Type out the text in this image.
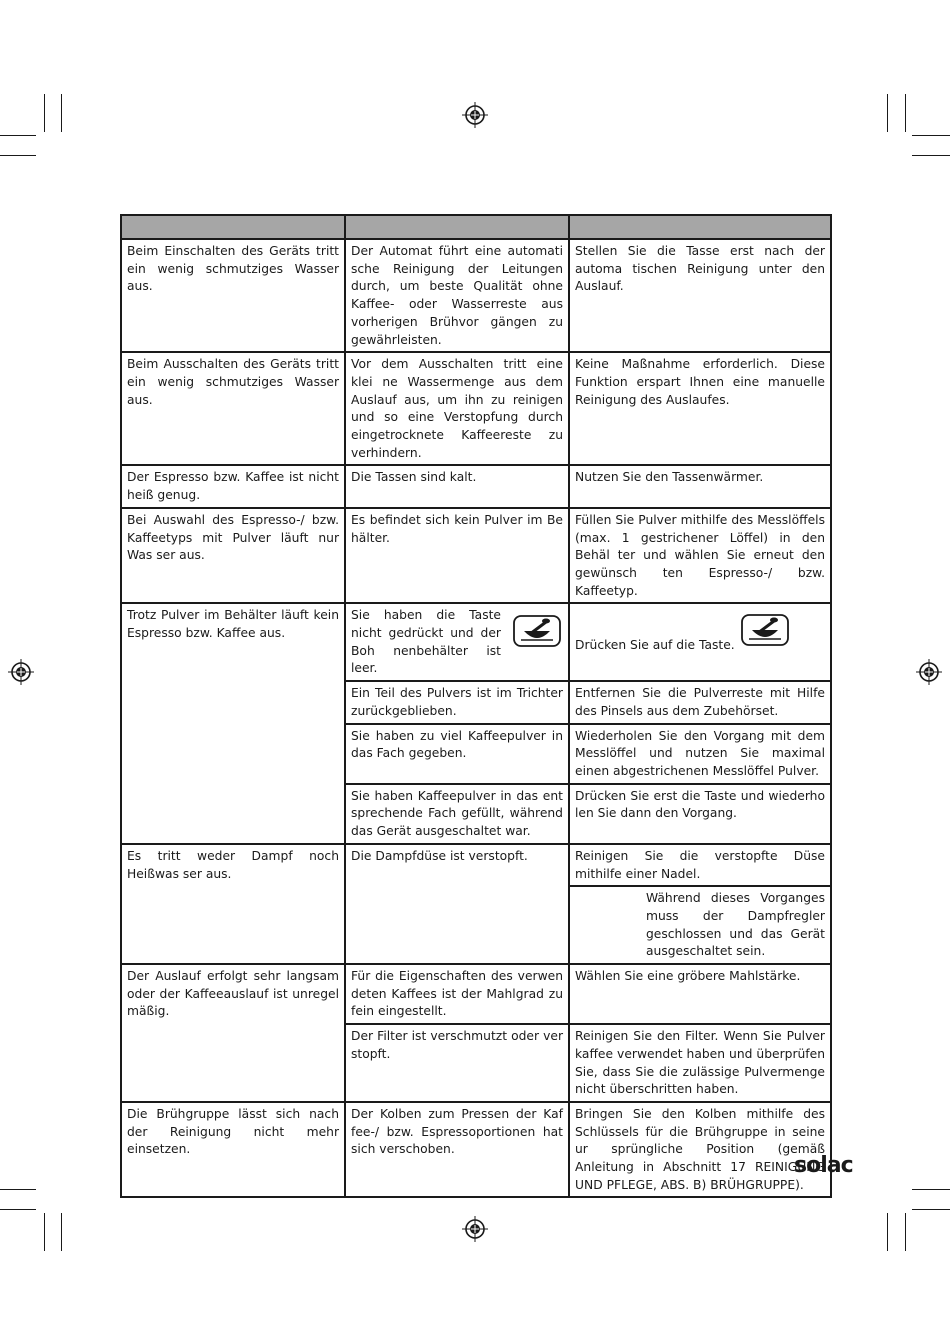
Beim Einschalten des Geräts tritt ein wenig schmutziges Wasser aus.	Der Automat führt eine automati sche Reinigung der Leitungen durch, um beste Qualität ohne Kaffee- oder Wasserreste aus vorherigen Brühvor gängen zu gewährleisten.	Stellen Sie die Tasse erst nach der automa tischen Reinigung unter den Auslauf.
Beim Ausschalten des Geräts tritt ein wenig schmutziges Wasser aus.	Vor dem Ausschalten tritt eine klei ne Wassermenge aus dem Auslauf aus, um ihn zu reinigen und so eine Verstopfung durch eingetrocknete Kaffeereste zu verhindern.	Keine Maßnahme erforderlich. Diese Funktion erspart Ihnen eine manuelle Reinigung des Auslaufes.
Der Espresso bzw. Kaffee ist nicht heiß genug.	Die Tassen sind kalt.	Nutzen Sie den Tassenwärmer.
Bei Auswahl des Espresso-/ bzw. Kaffeetyps mit Pulver läuft nur Was ser aus.	Es befindet sich kein Pulver im Be hälter.	Füllen Sie Pulver mithilfe des Messlöffels (max. 1 gestrichener Löffel) in den Behäl ter und wählen Sie erneut den gewünsch ten Espresso-/ bzw. Kaffeetyp.
Trotz Pulver im Behälter läuft kein Espresso bzw. Kaffee aus.	Sie haben die Taste nicht gedrückt und der Boh nenbehälter ist leer.	Drücken Sie auf die Taste.

	Ein Teil des Pulvers ist im Trichter zurückgeblieben.	Entfernen Sie die Pulverreste mit Hilfe des Pinsels aus dem Zubehörset.
	Sie haben zu viel Kaffeepulver in das Fach gegeben.	Wiederholen Sie den Vorgang mit dem Messlöffel und nutzen Sie maximal einen abgestrichenen Messlöffel Pulver.
	Sie haben Kaffeepulver in das ent sprechende Fach gefüllt, während das Gerät ausgeschaltet war.	Drücken Sie erst die Taste und wiederho len Sie dann den Vorgang.
Es tritt weder Dampf noch Heißwas ser aus.	Die Dampfdüse ist verstopft.	Reinigen Sie die verstopfte Düse mithilfe einer Nadel.
		Während dieses Vorganges muss der Dampfregler geschlossen und das Gerät ausgeschaltet sein.
Der Auslauf erfolgt sehr langsam oder der Kaffeeauslauf ist unregel mäßig.	Für die Eigenschaften des verwen deten Kaffees ist der Mahlgrad zu fein eingestellt.	Wählen Sie eine gröbere Mahlstärke.
	Der Filter ist verschmutzt oder ver stopft.	Reinigen Sie den Filter. Wenn Sie Pulver kaffee verwendet haben und überprüfen Sie, dass Sie die zulässige Pulvermenge nicht überschritten haben.
Die Brühgruppe lässt sich nach der Reinigung nicht mehr einsetzen.	Der Kolben zum Pressen der Kaf fee-/ bzw. Espressoportionen hat sich verschoben.	Bringen Sie den Kolben mithilfe des Schlüssels für die Brühgruppe in seine ur sprüngliche Position (gemäß Anleitung in Abschnitt 17 REINIGUNG UND PFLEGE, ABS. B) BRÜHGRUPPE).
solac
